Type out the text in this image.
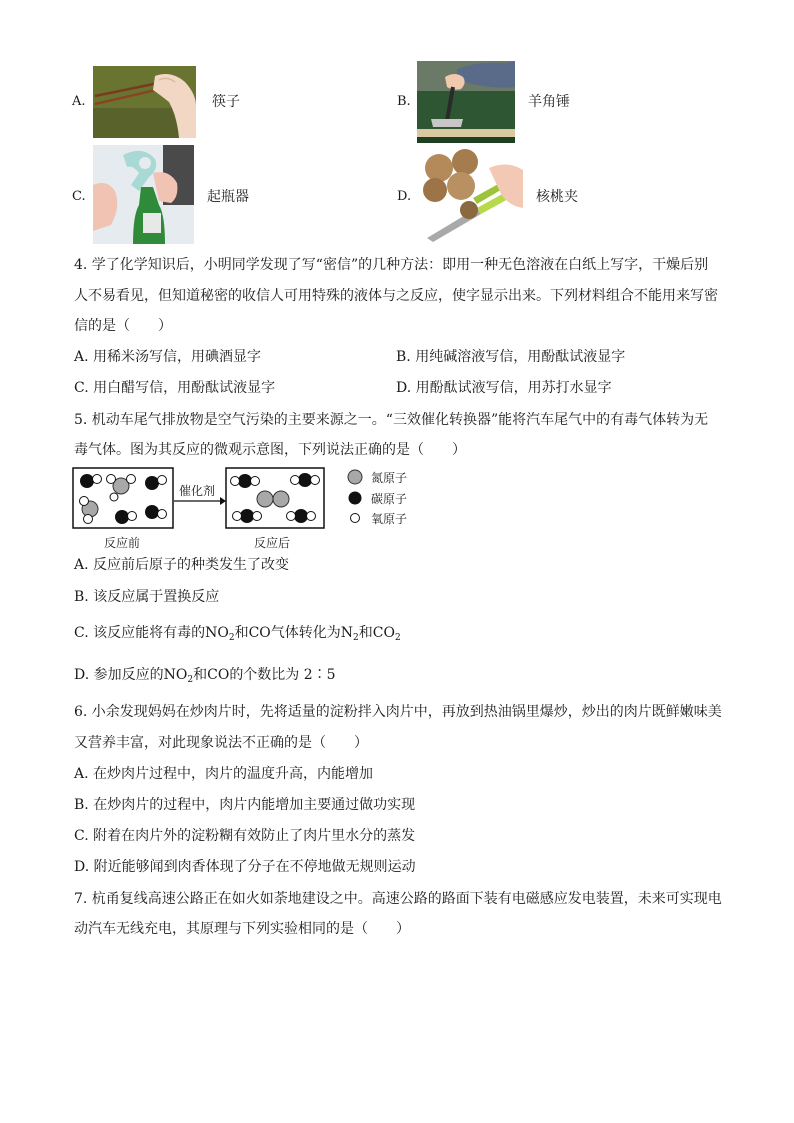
A.	筷子	B.	羊角锤
C.	起瓶器	D.	核桃夹
4. 学了化学知识后，小明同学发现了写“密信”的几种方法：即用一种无色溶液在白纸上写字，干燥后别
人不易看见，但知道秘密的收信人可用特殊的液体与之反应，使字显示出来。下列材料组合不能用来写密
信的是（　　）
A. 用稀米汤写信，用碘酒显字	B. 用纯碱溶液写信，用酚酞试液显字
C. 用白醋写信，用酚酞试液显字	D. 用酚酞试液写信，用苏打水显字
5. 机动车尾气排放物是空气污染的主要来源之一。“三效催化转换器”能将汽车尾气中的有毒气体转为无
毒气体。图为其反应的微观示意图，下列说法正确的是（　　）
催化剂
反应前	反应后
氮原子
碳原子
氧原子
A. 反应前后原子的种类发生了改变
B. 该反应属于置换反应
C. 该反应能将有毒的$NO_2$和CO气体转化为$N_2$和$CO_2$
D. 参加反应的$NO_2$和CO的个数比为 2∶5
6. 小余发现妈妈在炒肉片时，先将适量的淀粉拌入肉片中，再放到热油锅里爆炒，炒出的肉片既鲜嫩味美
又营养丰富，对此现象说法不正确的是（　　）
A. 在炒肉片过程中，肉片的温度升高，内能增加
B. 在炒肉片的过程中，肉片内能增加主要通过做功实现
C. 附着在肉片外的淀粉糊有效防止了肉片里水分的蒸发
D. 附近能够闻到肉香体现了分子在不停地做无规则运动
7. 杭甬复线高速公路正在如火如荼地建设之中。高速公路的路面下装有电磁感应发电装置，未来可实现电
动汽车无线充电，其原理与下列实验相同的是（　　）
